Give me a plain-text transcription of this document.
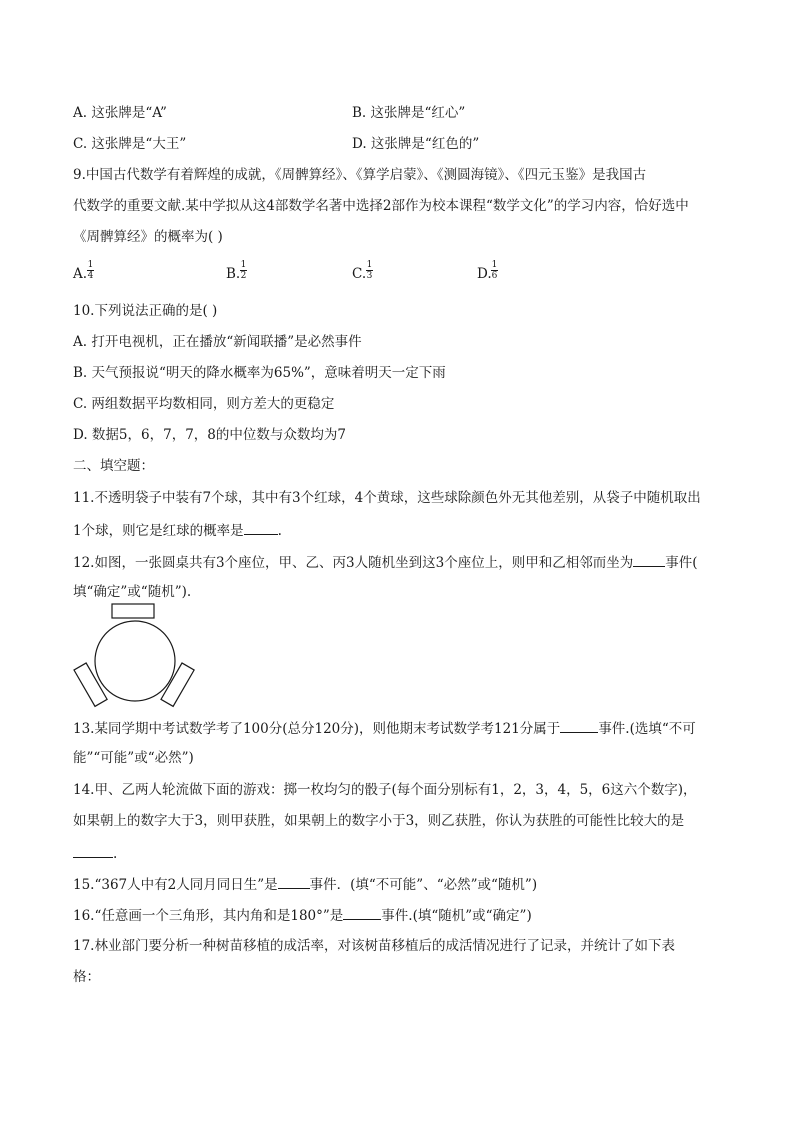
A. 这张牌是“A”	B. 这张牌是“红心”
C. 这张牌是“大王”	D. 这张牌是“红色的”
9.中国古代数学有着辉煌的成就，《周髀算经》、《算学启蒙》、《测圆海镜》、《四元玉鉴》是我国古
代数学的重要文献.某中学拟从这4部数学名著中选择2部作为校本课程“数学文化”的学习内容，恰好选中
《周髀算经》的概率为( )
A.
1
4	B.
1
2	C.
1
3	D.
1
6
10.下列说法正确的是( )
A. 打开电视机，正在播放“新闻联播”是必然事件
B. 天气预报说“明天的降水概率为65%”，意味着明天一定下雨
C. 两组数据平均数相同，则方差大的更稳定
D. 数据5，6，7，7，8的中位数与众数均为7
二、填空题：
11.不透明袋子中装有7个球，其中有3个红球，4个黄球，这些球除颜色外无其他差别，从袋子中随机取出
1个球，则它是红球的概率是	.
12.如图，一张圆桌共有3个座位，甲、乙、丙3人随机坐到这3个座位上，则甲和乙相邻而坐为 事件(
填“确定”或“随机”).
13.某同学期中考试数学考了100分(总分120分)，则他期末考试数学考121分属于	事件.(选填“不可
能”“可能”或“必然”)
14.甲、乙两人轮流做下面的游戏：掷一枚均匀的骰子(每个面分别标有1，2，3，4，5，6这六个数字)，
如果朝上的数字大于3，则甲获胜，如果朝上的数字小于3，则乙获胜，你认为获胜的可能性比较大的是
.
15.“367人中有2人同月同日生”是 事件．(填“不可能”、“必然”或“随机”)
16.“任意画一个三角形，其内角和是180°”是	事件.(填“随机”或“确定”)
17.林业部门要分析一种树苗移植的成活率，对该树苗移植后的成活情况进行了记录，并统计了如下表
格：
